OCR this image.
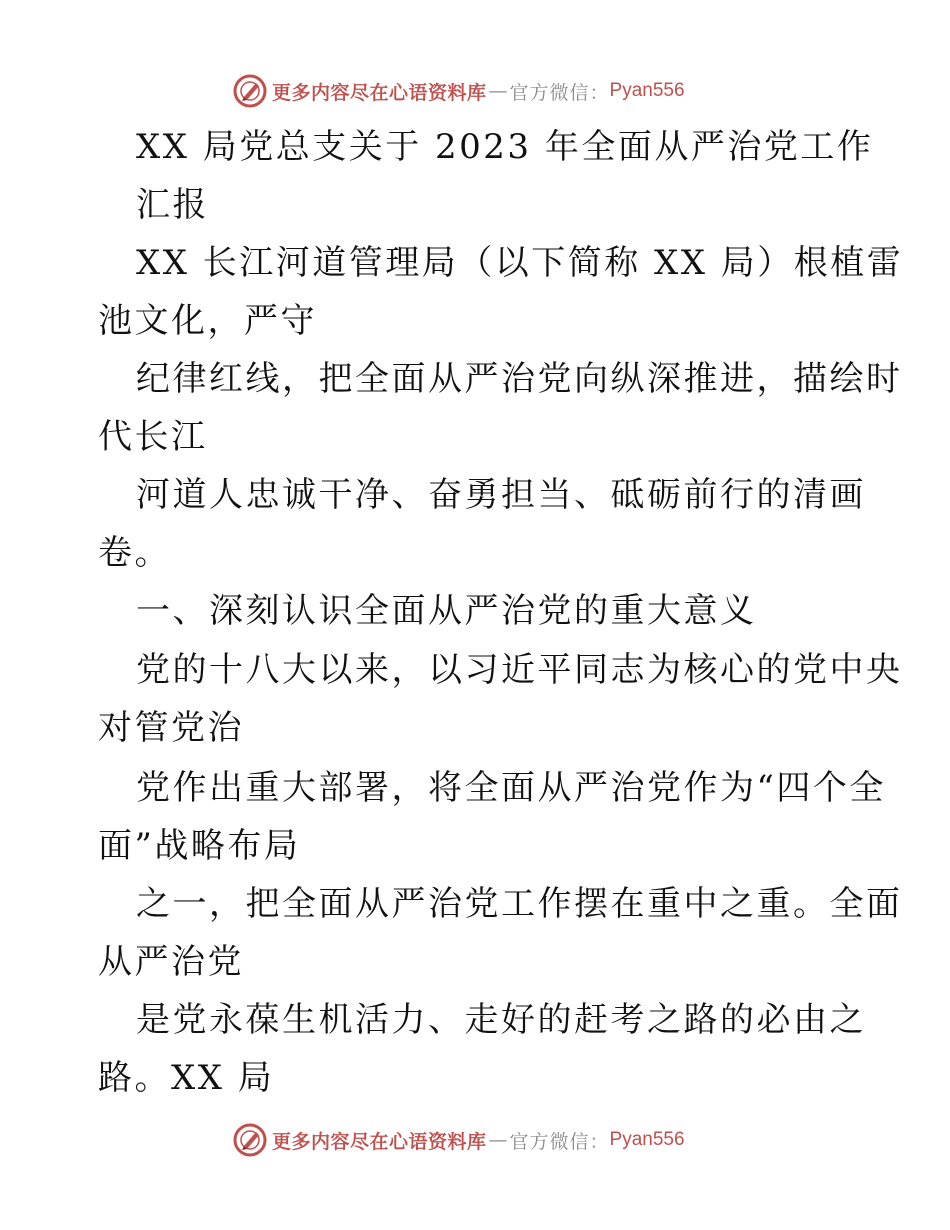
更多内容尽在心语资料库 — 官方微信： Pyan556
XX 局党总支关于 2023 年全面从严治党工作
汇报
XX 长江河道管理局（以下简称 XX 局）根植雷
池文化，严守
纪律红线，把全面从严治党向纵深推进，描绘时
代长江
河道人忠诚干净、奋勇担当、砥砺前行的清画
卷。
一、深刻认识全面从严治党的重大意义
党的十八大以来，以习近平同志为核心的党中央
对管党治
党作出重大部署，将全面从严治党作为“四个全
面”战略布局
之一，把全面从严治党工作摆在重中之重。全面
从严治党
是党永葆生机活力、走好的赶考之路的必由之
路。XX 局
更多内容尽在心语资料库 — 官方微信： Pyan556
